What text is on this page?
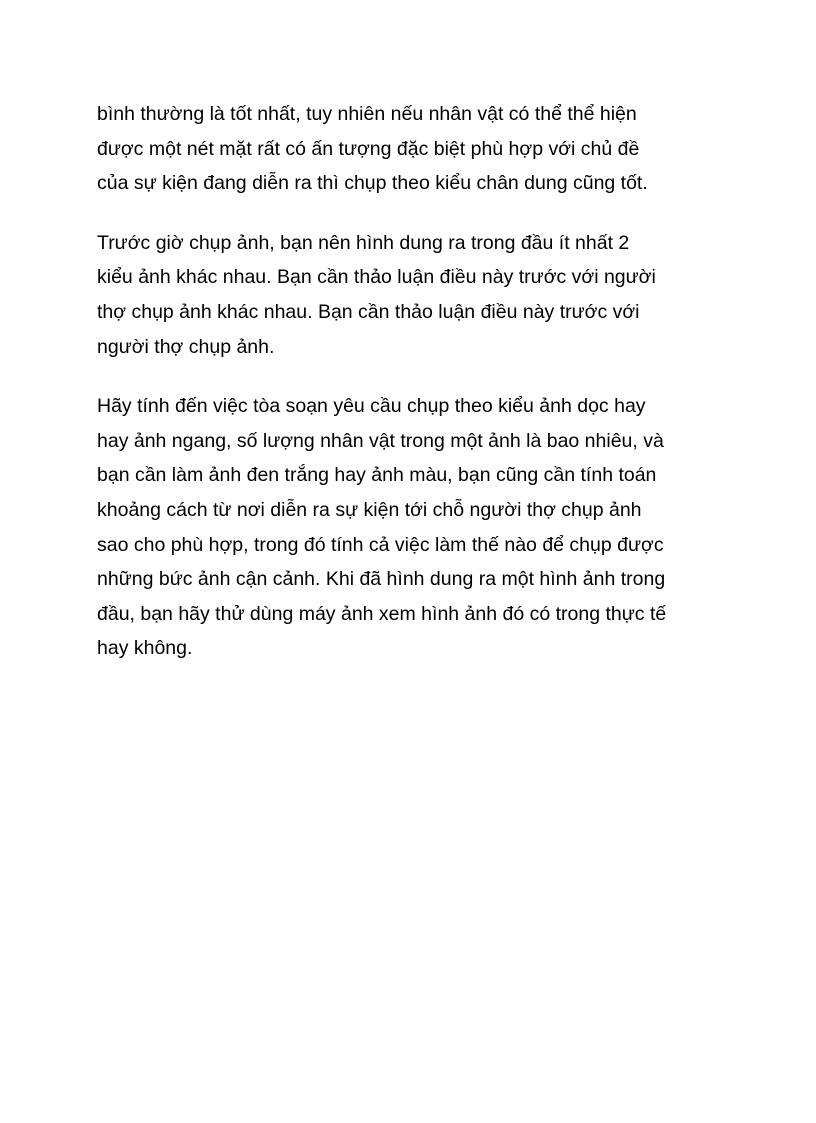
bình thường là tốt nhất, tuy nhiên nếu nhân vật có thể thể hiện
được một nét mặt rất có ấn tượng đặc biệt phù hợp với chủ đề
của sự kiện đang diễn ra thì chụp theo kiểu chân dung cũng tốt.

Trước giờ chụp ảnh, bạn nên hình dung ra trong đầu ít nhất 2
kiểu ảnh khác nhau. Bạn cần thảo luận điều này trước với người
thợ chụp ảnh khác nhau. Bạn cần thảo luận điều này trước với
người thợ chụp ảnh.

Hãy tính đến việc tòa soạn yêu cầu chụp theo kiểu ảnh dọc hay
hay ảnh ngang, số lượng nhân vật trong một ảnh là bao nhiêu, và
bạn cần làm ảnh đen trắng hay ảnh màu, bạn cũng cần tính toán
khoảng cách từ nơi diễn ra sự kiện tới chỗ người thợ chụp ảnh
sao cho phù hợp, trong đó tính cả việc làm thế nào để chụp được
những bức ảnh cận cảnh. Khi đã hình dung ra một hình ảnh trong
đầu, bạn hãy thử dùng máy ảnh xem hình ảnh đó có trong thực tế
hay không.
